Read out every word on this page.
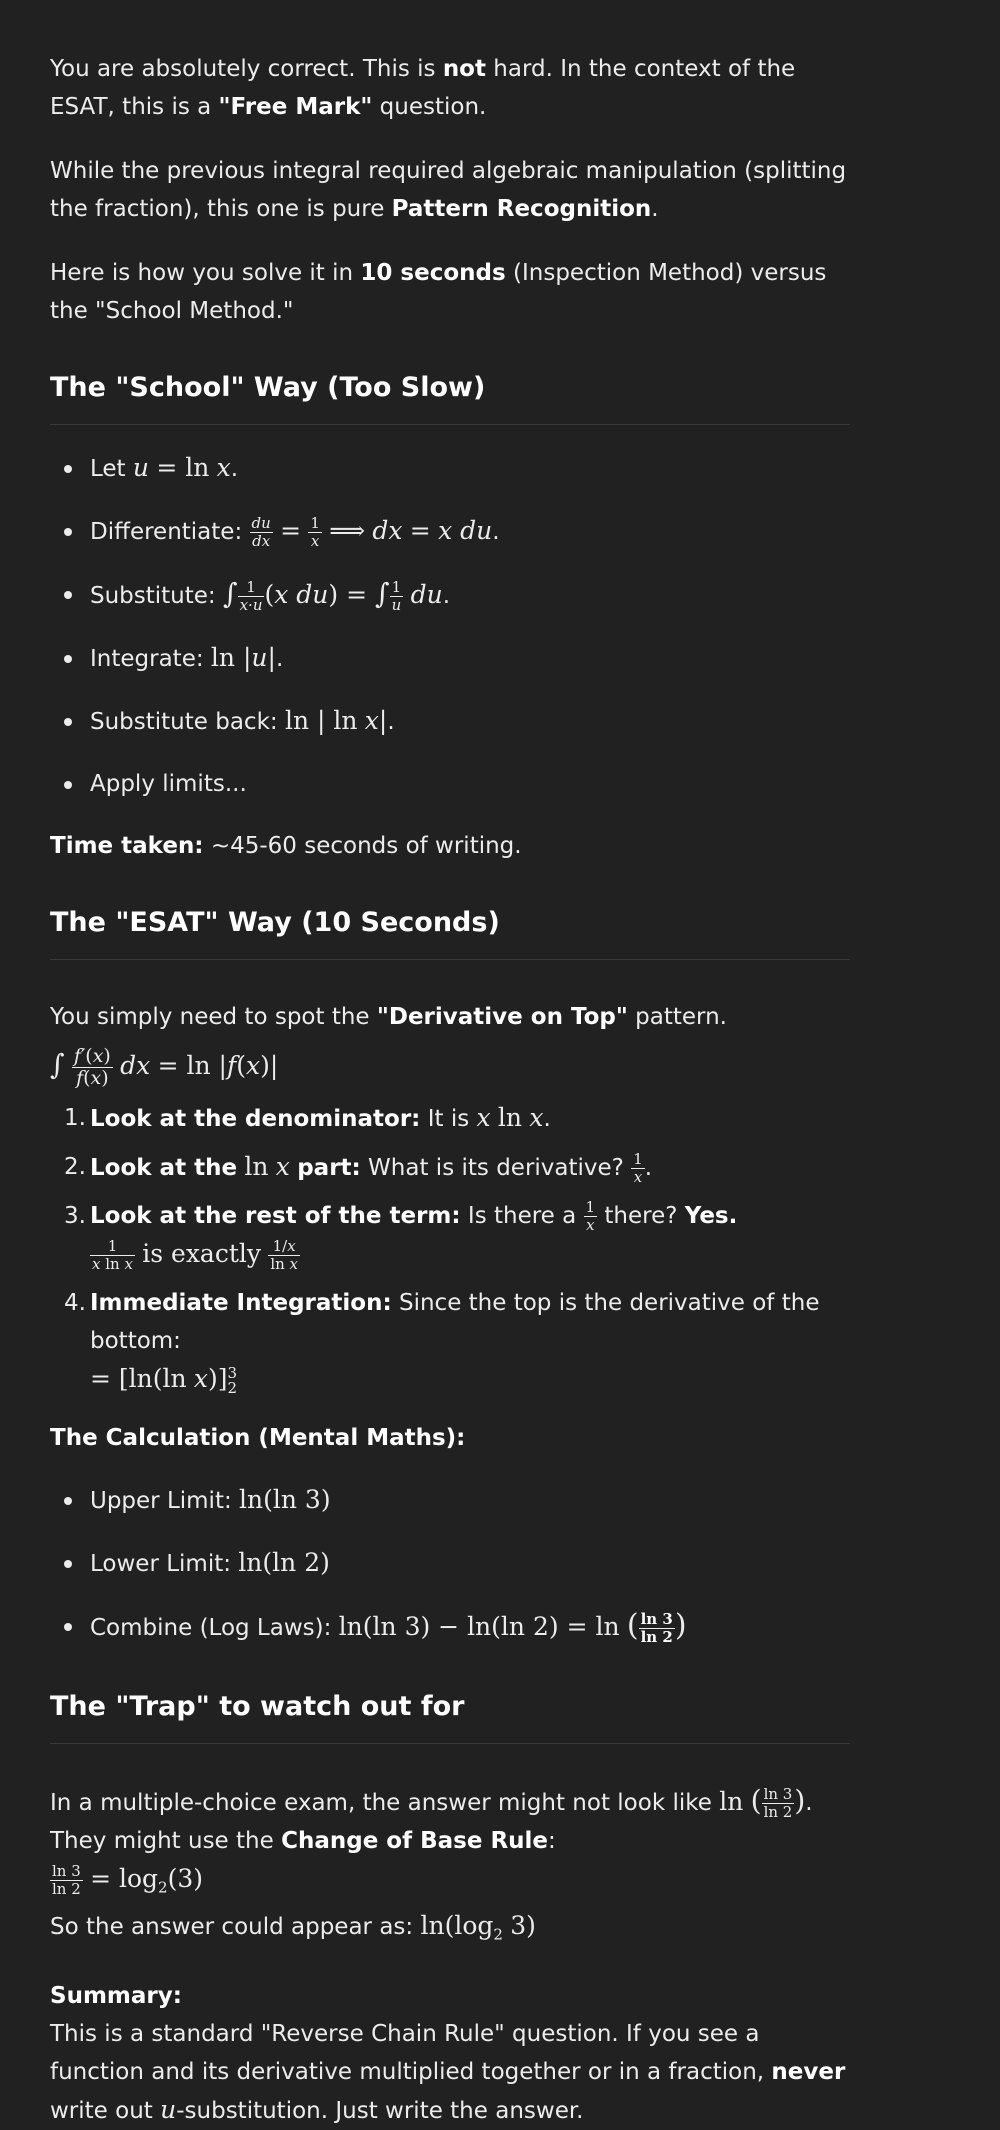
You are absolutely correct. This is not hard. In the context of the ESAT, this is a "Free Mark" question.

While the previous integral required algebraic manipulation (splitting the fraction), this one is pure Pattern Recognition.

Here is how you solve it in 10 seconds (Inspection Method) versus the "School Method."

The "School" Way (Too Slow)
Let u = ln x.
Differentiate: $\frac{du}{dx} = \frac{1}{x}$ ⟹ dx = x du.
Substitute: ∫ $\frac{1}{x\cdot u} (x$ du) = ∫ $\frac{1}{u}$ du.
Integrate: ln |u|.
Substitute back: ln | ln x|.
Apply limits...

Time taken: ~45-60 seconds of writing.

The "ESAT" Way (10 Seconds)

You simply need to spot the "Derivative on Top" pattern.

∫ $\frac{f'(x)}{f(x)}$ dx = ln |f(x)|

1. Look at the denominator: It is x ln x.
2. Look at the ln x part: What is its derivative? $\frac{1}{x}$ .
3. Look at the rest of the term: Is there a $\frac{1}{x}$ there? Yes.

$\frac{1}{\text{x ln x}}$ is exactly $\frac{1/x}{\text{ln x}}$
4. Immediate Integration: Since the top is the derivative of the bottom:
= [ln(ln x)] 3
2

The Calculation (Mental Maths):

Upper Limit: ln(ln 3)
Lower Limit: ln(ln 2)
Combine (Log Laws): ln(ln 3) − ln(ln 2) = ln ( $\frac{\ln 3}{\ln 2}$ )
The "Trap" to watch out for

In a multiple-choice exam, the answer might not look like ln ( $\frac{\ln 3}{\ln 2}$ ).

They might use the Change of Base Rule:

$\frac{\ln 3}{\ln 2} = \log_2(3)$

So the answer could appear as: $\ln(\log_2$ 3)

Summary:

This is a standard "Reverse Chain Rule" question. If you see a function and its derivative multiplied together or in a fraction, never write out u-substitution. Just write the answer.
